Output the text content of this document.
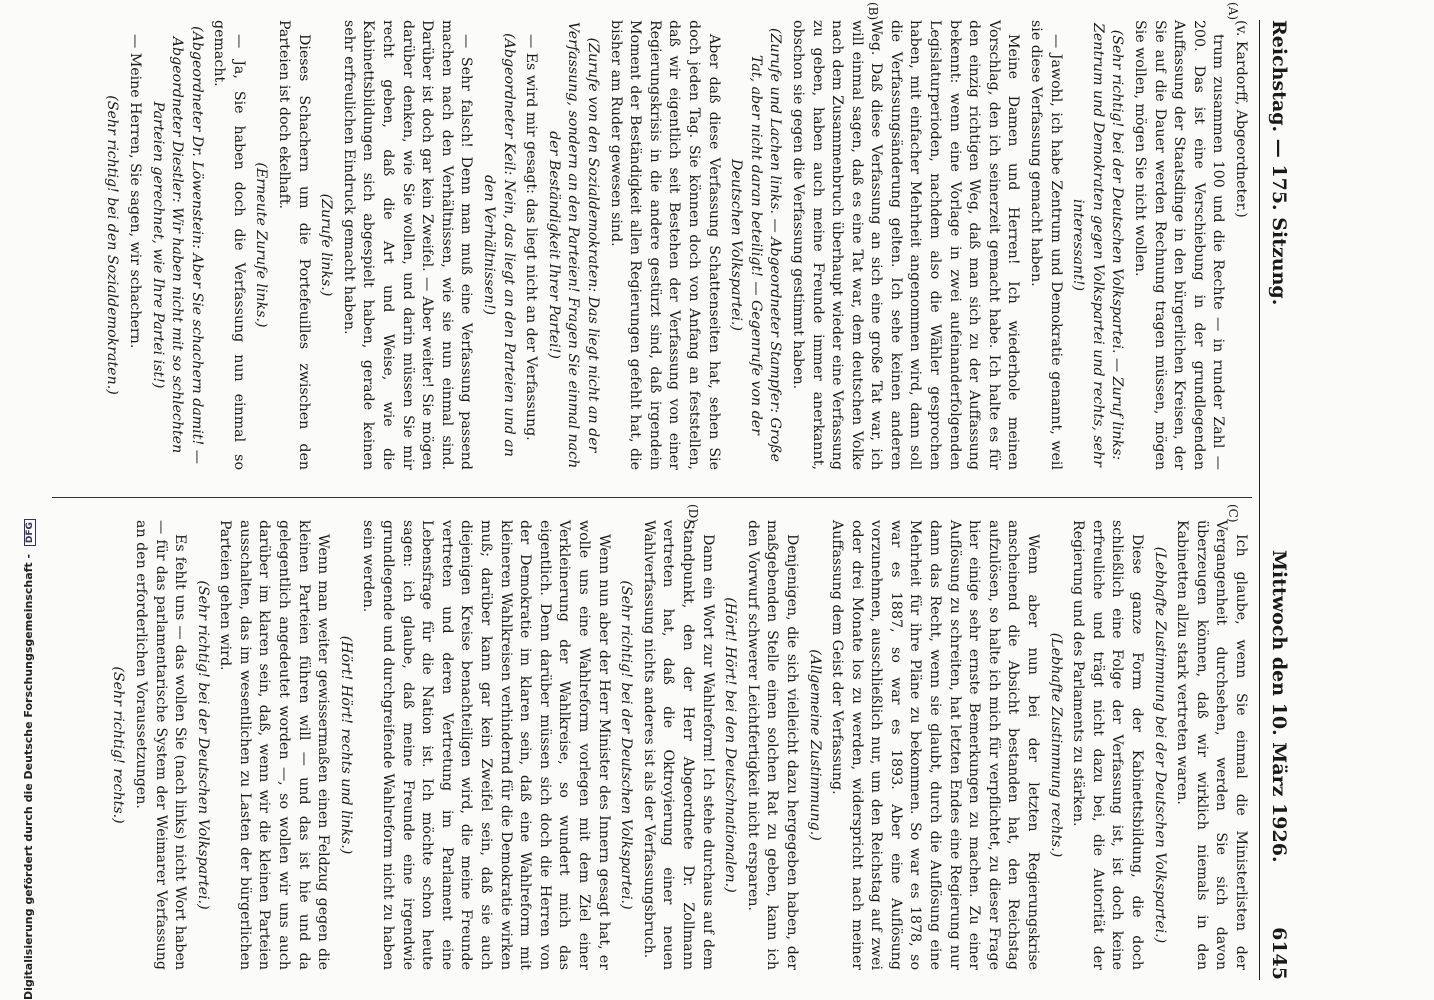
Reichstag. — 175. Sitzung.
6145
Mittwoch den 10. März 1926.

(v. Kardorff, Abgeordneter.)

trum zusammen 100 und die Rechte — in runder Zahl — 200. Das ist eine Verschiebung in der grundlegenden Auffassung der Staatsdinge in den bürgerlichen Kreisen, der Sie auf die Dauer werden Rechnung tragen müssen, mögen Sie wollen, mögen Sie nicht wollen.

(Sehr richtig! bei der Deutschen Volkspartei. — Zuruf links: Zentrum und Demokraten gegen Volkspartei und rechts, sehr interessant!)

— Jawohl, ich habe Zentrum und Demokratie genannt, weil sie diese Verfassung gemacht haben.

Meine Damen und Herren! Ich wiederhole meinen Vorschlag, den ich seinerzeit gemacht habe. Ich halte es für den einzig richtigen Weg, daß man sich zu der Auffassung bekennt: wenn eine Vorlage in zwei aufeinanderfolgenden Legislaturperioden, nachdem also die Wähler gesprochen haben, mit einfacher Mehrheit angenommen wird, dann soll die Verfassungsänderung gelten. Ich sehe keinen anderen Weg. Daß diese Verfassung an sich eine große Tat war, ich will einmal sagen, daß es eine Tat war, dem deutschen Volke nach dem Zusammenbruch überhaupt wieder eine Verfassung zu geben, haben auch meine Freunde immer anerkannt, obschon sie gegen die Verfassung gestimmt haben.

(Zurufe und Lachen links. — Abgeordneter Stampfer: Große Tat, aber nicht daran beteiligt! — Gegenrufe von der Deutschen Volkspartei.)

Aber daß diese Verfassung Schattenseiten hat, sehen Sie doch jeden Tag. Sie können doch von Anfang an feststellen, daß wir eigentlich seit Bestehen der Verfassung von einer Regierungskrisis in die andere gestürzt sind, daß irgendein Moment der Beständigkeit allen Regierungen gefehlt hat, die bisher am Ruder gewesen sind.

(Zurufe von den Sozialdemokraten: Das liegt nicht an der Verfassung, sondern an den Parteien! Fragen Sie einmal nach der Beständigkeit Ihrer Partei!)

— Es wird mir gesagt: das liegt nicht an der Verfassung.

(Abgeordneter Keil: Nein, das liegt an den Parteien und an den Verhältnissen!)

— Sehr falsch! Denn man muß eine Verfassung passend machen nach den Verhältnissen, wie sie nun einmal sind. Darüber ist doch gar kein Zweifel. — Aber weiter! Sie mögen darüber denken, wie Sie wollen, und darin müssen Sie mir recht geben, daß die Art und Weise, wie die Kabinettsbildungen sich abgespielt haben, gerade keinen sehr erfreulichen Eindruck gemacht haben.

(Zurufe links.)

Dieses Schachern um die Portefeuilles zwischen den Parteien ist doch ekelhaft.

(Erneute Zurufe links.)

— Ja, Sie haben doch die Verfassung nun einmal so gemacht.

(Abgeordneter Dr. Löwenstein: Aber Sie schachern damit! — Abgeordneter Diestler: Wir haben nicht mit so schlechten Parteien gerechnet, wie Ihre Partei ist!)

— Meine Herren, Sie sagen, wir schachern.

(Sehr richtig! bei den Sozialdemokraten.)

Ich glaube, wenn Sie einmal die Ministerlisten der Vergangenheit durchsehen, werden Sie sich davon überzeugen können, daß wir wirklich niemals in den Kabinetten allzu stark vertreten waren.

(Lebhafte Zustimmung bei der Deutschen Volkspartei.)

Diese ganze Form der Kabinettsbildung, die doch schließlich eine Folge der Verfassung ist, ist doch keine erfreuliche und trägt nicht dazu bei, die Autorität der Regierung und des Parlaments zu stärken.

(Lebhafte Zustimmung rechts.)

Wenn aber nun bei der letzten Regierungskrise anscheinend die Absicht bestanden hat, den Reichstag aufzulösen, so halte ich mich für verpflichtet, zu dieser Frage hier einige sehr ernste Bemerkungen zu machen. Zu einer Auflösung zu schreiten, hat letzten Endes eine Regierung nur dann das Recht, wenn sie glaubt, durch die Auflösung eine Mehrheit für ihre Pläne zu bekommen. So war es 1878, so war es 1887, so war es 1893. Aber eine Auflösung vorzunehmen, ausschließlich nur, um den Reichstag auf zwei oder drei Monate los zu werden, widerspricht nach meiner Auffassung dem Geist der Verfassung.

(Allgemeine Zustimmung.)

Denjenigen, die sich vielleicht dazu hergegeben haben, der maßgebenden Stelle einen solchen Rat zu geben, kann ich den Vorwurf schwerer Leichtfertigkeit nicht ersparen.

(Hört! Hört! bei den Deutschnationalen.)

Dann ein Wort zur Wahlreform! Ich stehe durchaus auf dem Standpunkt, den der Herr Abgeordnete Dr. Zollmann vertreten hat, daß die Oktroyierung einer neuen Wahlverfassung nichts anderes ist als der Verfassungsbruch.

(Sehr richtig! bei der Deutschen Volkspartei.)

Wenn nun aber der Herr Minister des Innern gesagt hat, er wolle uns eine Wahlreform vorlegen mit dem Ziel einer Verkleinerung der Wahlkreise, so wundert mich das eigentlich. Denn darüber müssen sich doch die Herren von der Demokratie im klaren sein, daß eine Wahlreform mit kleineren Wahlkreisen verhindernd für die Demokratie wirken muß; darüber kann gar kein Zweifel sein, daß sie auch diejenigen Kreise benachteiligen wird, die meine Freunde vertreten und deren Vertretung im Parlament eine Lebensfrage für die Nation ist. Ich möchte schon heute sagen: ich glaube, daß meine Freunde eine irgendwie grundlegende und durchgreifende Wahlreform nicht zu haben sein werden.

(Hört! Hört! rechts und links.)

Wenn man weiter gewissermaßen einen Feldzug gegen die kleinen Parteien führen will — und das ist hie und da gelegentlich angedeutet worden —, so wollen wir uns auch darüber im klaren sein, daß, wenn wir die kleinen Parteien ausschalten, das im wesentlichen zu Lasten der bürgerlichen Parteien gehen wird.

(Sehr richtig! bei der Deutschen Volkspartei.)

Es fehlt uns — das wollen Sie (nach links) nicht Wort haben — für das parlamentarische System der Weimarer Verfassung an den erforderlichen Voraussetzungen.

(Sehr richtig! rechts.)

(A)
(B)
(C)
(D)
Digitalisierung gefördert durch die Deutsche Forschungsgemeinschaft - DFG
